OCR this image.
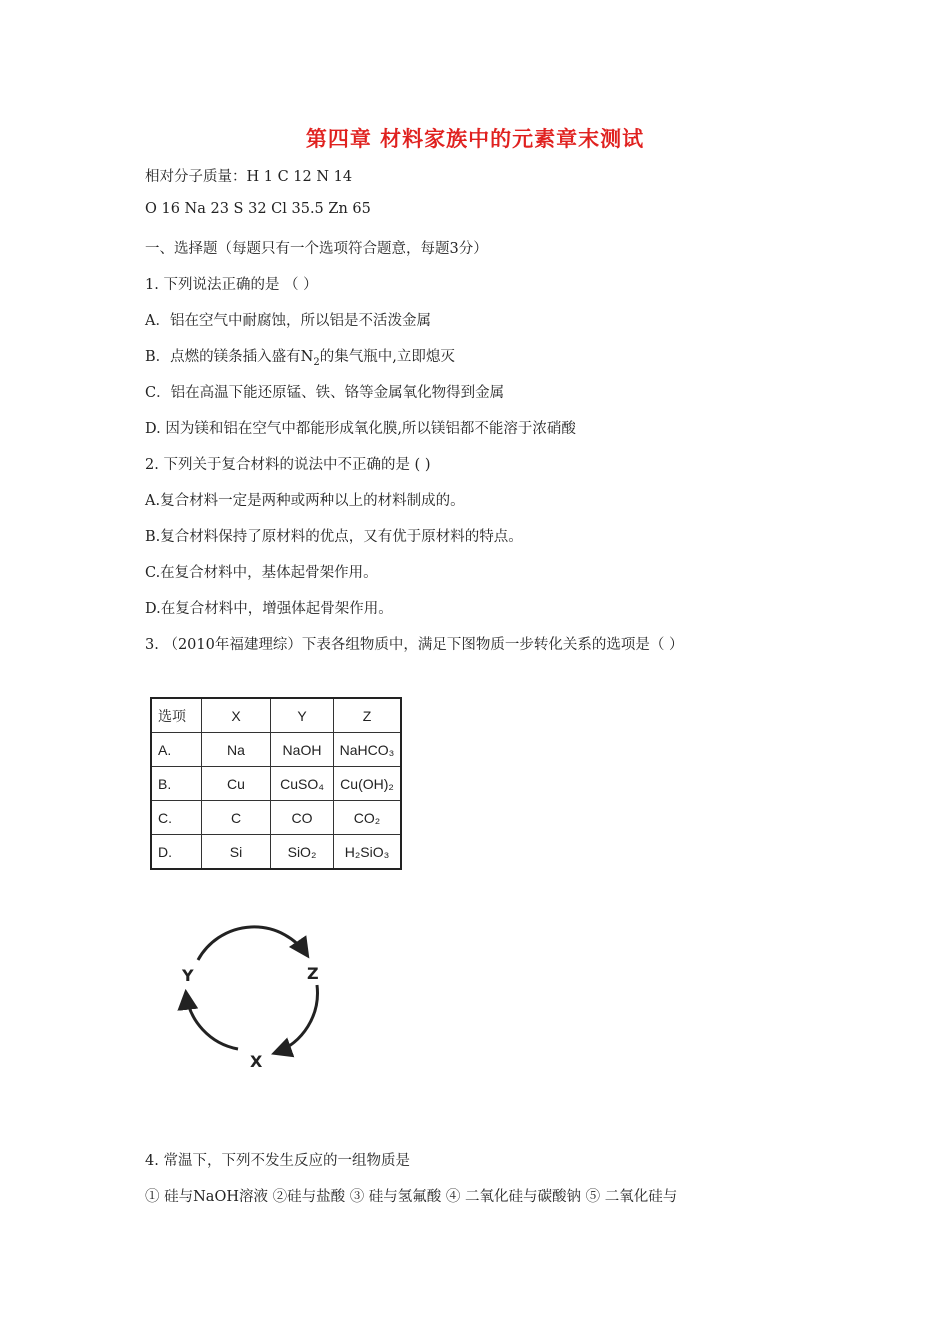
第四章 材料家族中的元素章末测试
相对分子质量：H 1 C 12 N 14
O 16 Na 23 S 32 Cl 35.5 Zn 65
一、选择题（每题只有一个选项符合题意，每题3分）
1. 下列说法正确的是 （ ）
A．铝在空气中耐腐蚀，所以铝是不活泼金属
B．点燃的镁条插入盛有$N_2$的集气瓶中,立即熄灭
C．铝在高温下能还原锰、铁、铬等金属氧化物得到金属
D. 因为镁和铝在空气中都能形成氧化膜,所以镁铝都不能溶于浓硝酸
2. 下列关于复合材料的说法中不正确的是 ( )
A.复合材料一定是两种或两种以上的材料制成的。
B.复合材料保持了原材料的优点，又有优于原材料的特点。
C.在复合材料中，基体起骨架作用。
D.在复合材料中，增强体起骨架作用。
3. （2010年福建理综）下表各组物质中，满足下图物质一步转化关系的选项是（ ）
选项	X	Y	Z
A.	Na	NaOH	NaHCO₃
B.	Cu	CuSO₄	Cu(OH)₂
C.	C	CO	CO₂
D.	Si	SiO₂	H₂SiO₃
Y	Z
X
4. 常温下，下列不发生反应的一组物质是
① 硅与NaOH溶液 ②硅与盐酸 ③ 硅与氢氟酸 ④ 二氧化硅与碳酸钠 ⑤ 二氧化硅与
